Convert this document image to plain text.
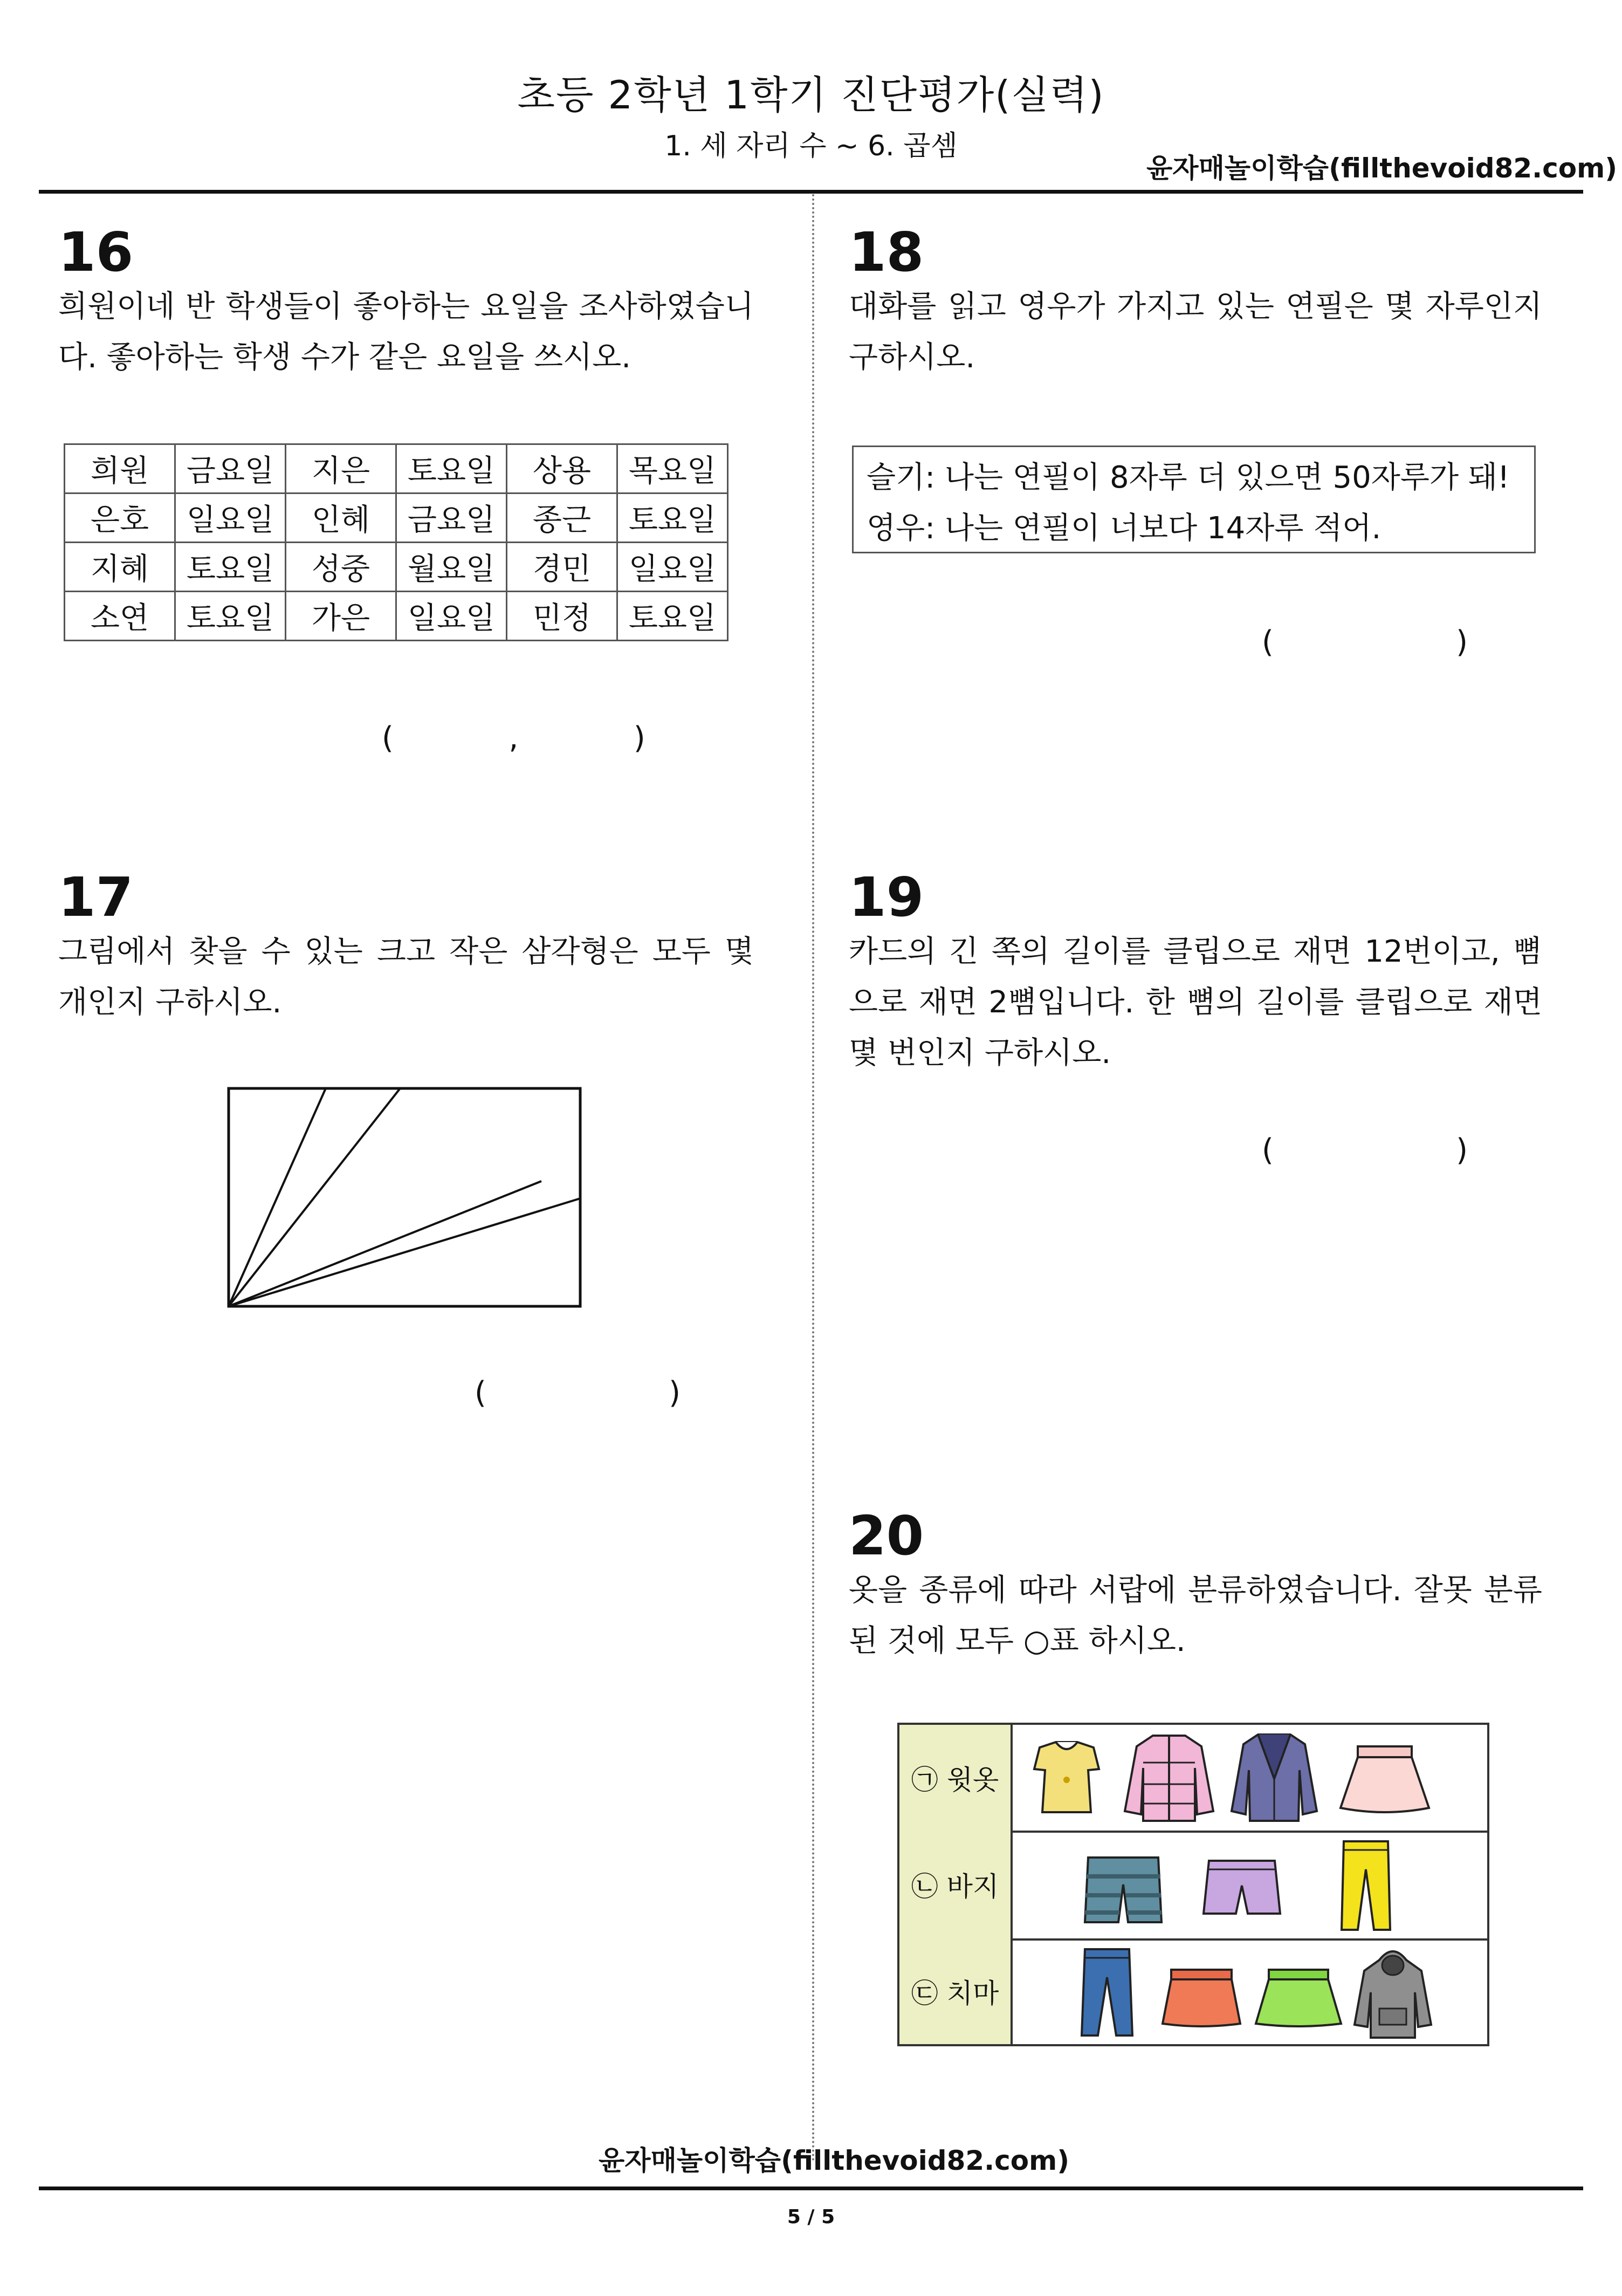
초등 2학년 1학기 진단평가(실력)
1. 세 자리 수 ~ 6. 곱셈
윤자매놀이학습(fillthevoid82.com)
16
희원이네 반 학생들이 좋아하는 요일을 조사하였습니다. 좋아하는 학생 수가 같은 요일을 쓰시오.
희원	금요일	지은	토요일	상용	목요일
은호	일요일	인혜	금요일	종근	토요일
지혜	토요일	성중	월요일	경민	일요일
소연	토요일	가은	일요일	민정	토요일
(            ,            )
17
그림에서 찾을 수 있는 크고 작은 삼각형은 모두 몇 개인지 구하시오.
(                   )
18
대화를 읽고 영우가 가지고 있는 연필은 몇 자루인지 구하시오.
슬기: 나는 연필이 8자루 더 있으면 50자루가 돼!
영우: 나는 연필이 너보다 14자루 적어.
(                   )
19
카드의 긴 쪽의 길이를 클립으로 재면 12번이고, 뼘으로 재면 2뼘입니다. 한 뼘의 길이를 클립으로 재면 몇 번인지 구하시오.
(                   )
20
옷을 종류에 따라 서랍에 분류하였습니다. 잘못 분류된 것에 모두 ○표 하시오.
㉠ 윗옷
㉡ 바지
㉢ 치마
윤자매놀이학습(fillthevoid82.com)
5 / 5
